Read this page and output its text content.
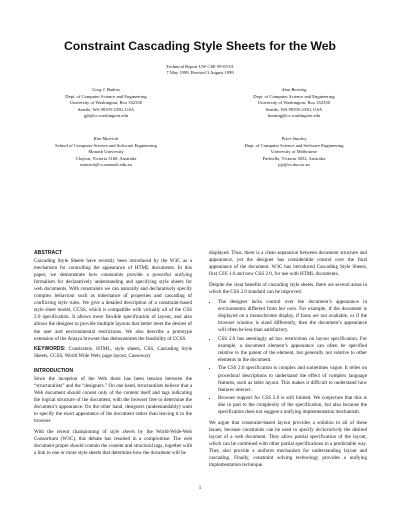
Constraint Cascading Style Sheets for the Web
Technical Report UW CSE 99-05-01
7 May 1999, Revised 3 August 1999
Greg J. Badros
Dept. of Computer Science and Engineering
University of Washington, Box 352350
Seattle, WA 98195-2350, USA
gjb@cs.washington.edu
Alan Borning
Dept. of Computer Science and Engineering
University of Washington, Box 352350
Seattle, WA 98195-2350, USA
borning@cs.washington.edu
Kim Marriott
School of Computer Science and Software Engineering
Monash University
Clayton, Victoria 3168, Australia
marriott@cs.monash.edu.au
Peter Stuckey
Dept. of Computer Science and Software Engineering
University of Melbourne
Parkville, Victoria 3052, Australia
pjs@cs.mu.oz.au
ABSTRACT

Cascading Style Sheets have recently been introduced by the W3C as a mechanism for controlling the appearance of HTML documents. In this paper, we demonstrate how constraints provide a powerful unifying formalism for declaratively understanding and specifying style sheets for web documents. With constraints we can naturally and declaratively specify complex behaviour such as inheritance of properties and cascading of conflicting style rules. We give a detailed description of a constraint-based style sheet model, CCSS, which is compatible with virtually all of the CSS 2.0 specification. It allows more flexible specification of layout, and also allows the designer to provide multiple layouts that better meet the desires of the user and environmental restrictions. We also describe a prototype extension of the Amaya browser that demonstrates the feasibility of CCSS.

KEYWORDS: Constraints, HTML, style sheets, CSS, Cascading Style Sheets, CCSS, World Wide Web, page layout, Cassowary

INTRODUCTION

Since the inception of the Web there has been tension between the “structuralists” and the “designers.” On one hand, structuralists believe that a Web document should consist only of the content itself and tags indicating the logical structure of the document, with the browser free to determine the document’s appearance. On the other hand, designers (understandably) want to specify the exact appearance of the document rather than leaving it to the browser.

With the recent championing of style sheets by the World-Wide-Web Consortium (W3C), this debate has resulted in a compromise. The web document proper should contain the content and structural tags, together with a link to one or more style sheets that determine how the document will be

displayed. Thus, there is a clean separation between document structure and appearance, yet the designer has considerable control over the final appearance of the document. W3C has introduced Cascading Style Sheets, first CSS 1.0 and now CSS 2.0, for use with HTML documents.

Despite the clear benefits of cascading style sheets, there are several areas in which the CSS 2.0 standard can be improved.

• The designer lacks control over the document’s appearance in environments different from her own. For example, if the document is displayed on a monochrome display, if fonts are not available, or if the browser window is sized differently, then the document’s appearance will often be less than satisfactory.
• CSS 2.0 has seemingly ad hoc restrictions on layout specification. For example, a document element’s appearance can often be specified relative to the parent of the element, but generally not relative to other elements in the document.
• The CSS 2.0 specification is complex and sometimes vague. It relies on procedural descriptions to understand the effect of complex language features, such as table layout. This makes it difficult to understand how features interact.
• Browser support for CSS 2.0 is still limited. We conjecture that this is due in part to the complexity of the specification, but also because the specification does not suggest a unifying implementation mechanism.

We argue that constraint-based layout provides a solution to all of these issues, because constraints can be used to specify declaratively the desired layout of a web document. They allow partial specification of the layout, which can be combined with other partial specifications in a predictable way. They also provide a uniform mechanism for understanding layout and cascading. Finally, constraint solving technology provides a unifying implementation technique.

1
